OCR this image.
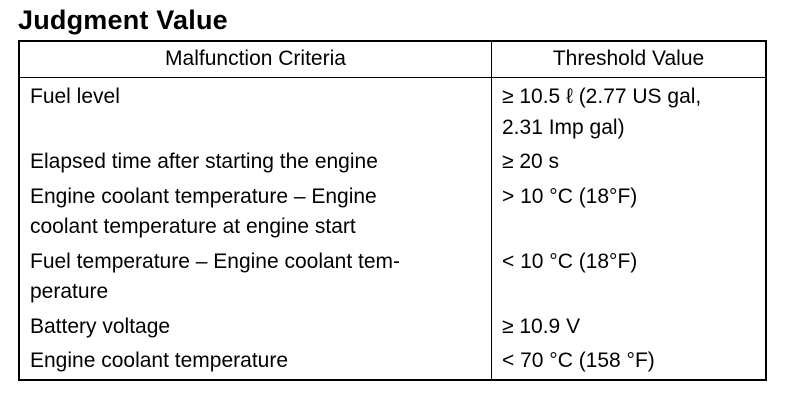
Judgment Value
Malfunction Criteria	Threshold Value
Fuel level	≥ 10.5 ℓ (2.77 US gal,
2.31 Imp gal)
Elapsed time after starting the engine	≥ 20 s
Engine coolant temperature – Engine
coolant temperature at engine start	> 10 °C (18°F)
Fuel temperature – Engine coolant tem-
perature	< 10 °C (18°F)
Battery voltage	≥ 10.9 V
Engine coolant temperature	< 70 °C (158 °F)
